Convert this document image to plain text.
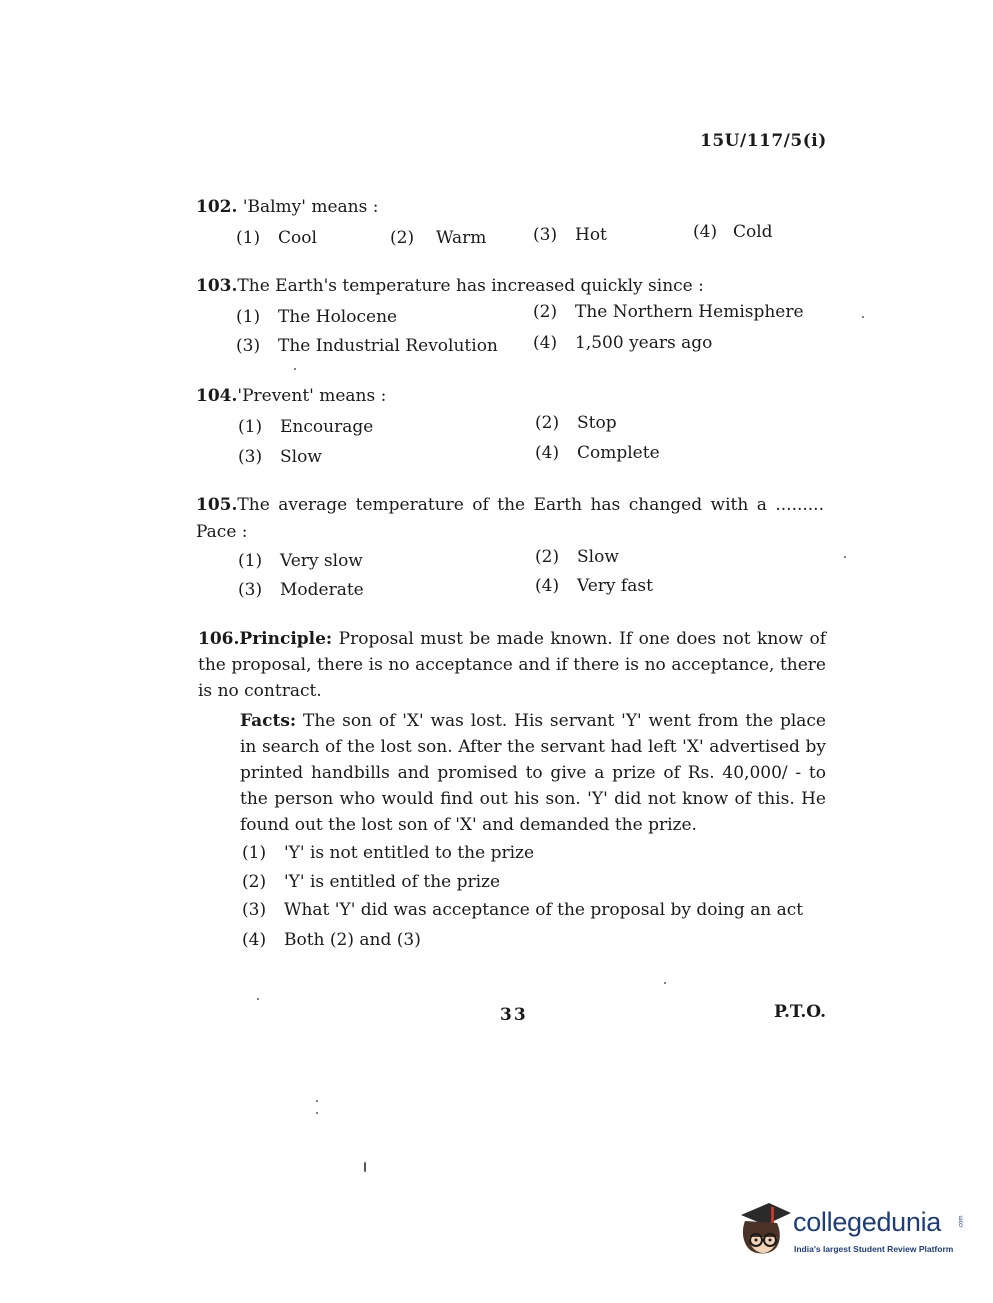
15U/117/5(i)
102. 'Balmy' means :
(1) Cool	(2) Warm	(3) Hot	(4) Cold
103.The Earth's temperature has increased quickly since :
(1) The Holocene	(2) The Northern Hemisphere
(3) The Industrial Revolution (4) 1,500 years ago
104.'Prevent' means :
(1) Encourage	(2) Stop
(3) Slow	(4) Complete
105.The average temperature of the Earth has changed with a ......... Pace :
(1) Very slow	(2) Slow
(3) Moderate	(4) Very fast
106.Principle: Proposal must be made known. If one does not know of the proposal, there is no acceptance and if there is no acceptance, there is no contract.
Facts: The son of 'X' was lost. His servant 'Y' went from the place in search of the lost son. After the servant had left 'X' advertised by printed handbills and promised to give a prize of Rs. 40,000/ - to the person who would find out his son. 'Y' did not know of this. He found out the lost son of 'X' and demanded the prize.
(1) 'Y' is not entitled to the prize
(2) 'Y' is entitled of the prize
(3) What 'Y' did was acceptance of the proposal by doing an act
(4) Both (2) and (3)
33	P.T.O.
collegedunia	.com
India's largest Student Review Platform
